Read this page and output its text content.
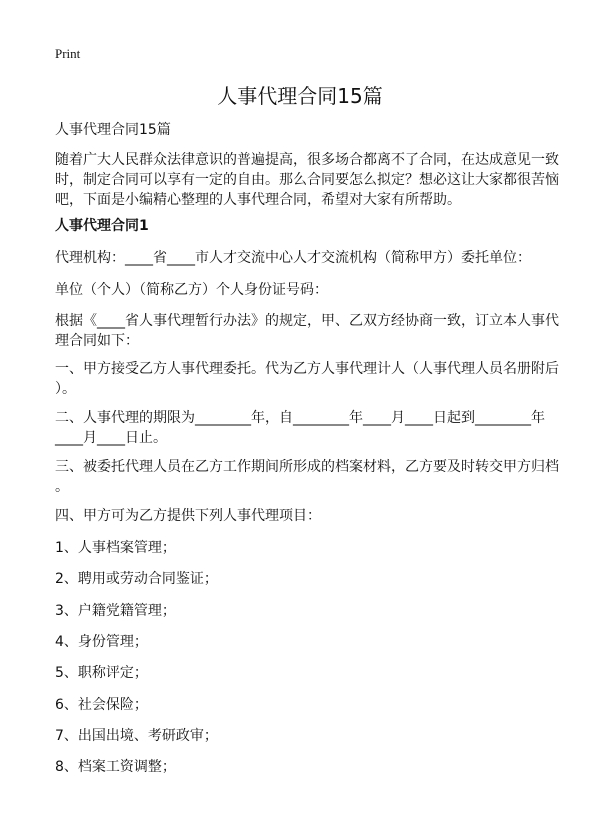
Print
人事代理合同15篇
人事代理合同15篇
随着广大人民群众法律意识的普遍提高，很多场合都离不了合同，在达成意见一致
时，制定合同可以享有一定的自由。那么合同要怎么拟定？想必这让大家都很苦恼
吧，下面是小编精心整理的人事代理合同，希望对大家有所帮助。
人事代理合同1
代理机构：____省____市人才交流中心人才交流机构（简称甲方）委托单位：
单位（个人）（简称乙方）个人身份证号码：
根据《____省人事代理暂行办法》的规定，甲、乙双方经协商一致，订立本人事代
理合同如下：
一、甲方接受乙方人事代理委托。代为乙方人事代理计人（人事代理人员名册附后
）。
二、人事代理的期限为________年，自________年____月____日起到________年
____月____日止。
三、被委托代理人员在乙方工作期间所形成的档案材料，乙方要及时转交甲方归档
。
四、甲方可为乙方提供下列人事代理项目：
1、人事档案管理；
2、聘用或劳动合同鉴证；
3、户籍党籍管理；
4、身份管理；
5、职称评定；
6、社会保险；
7、出国出境、考研政审；
8、档案工资调整；
